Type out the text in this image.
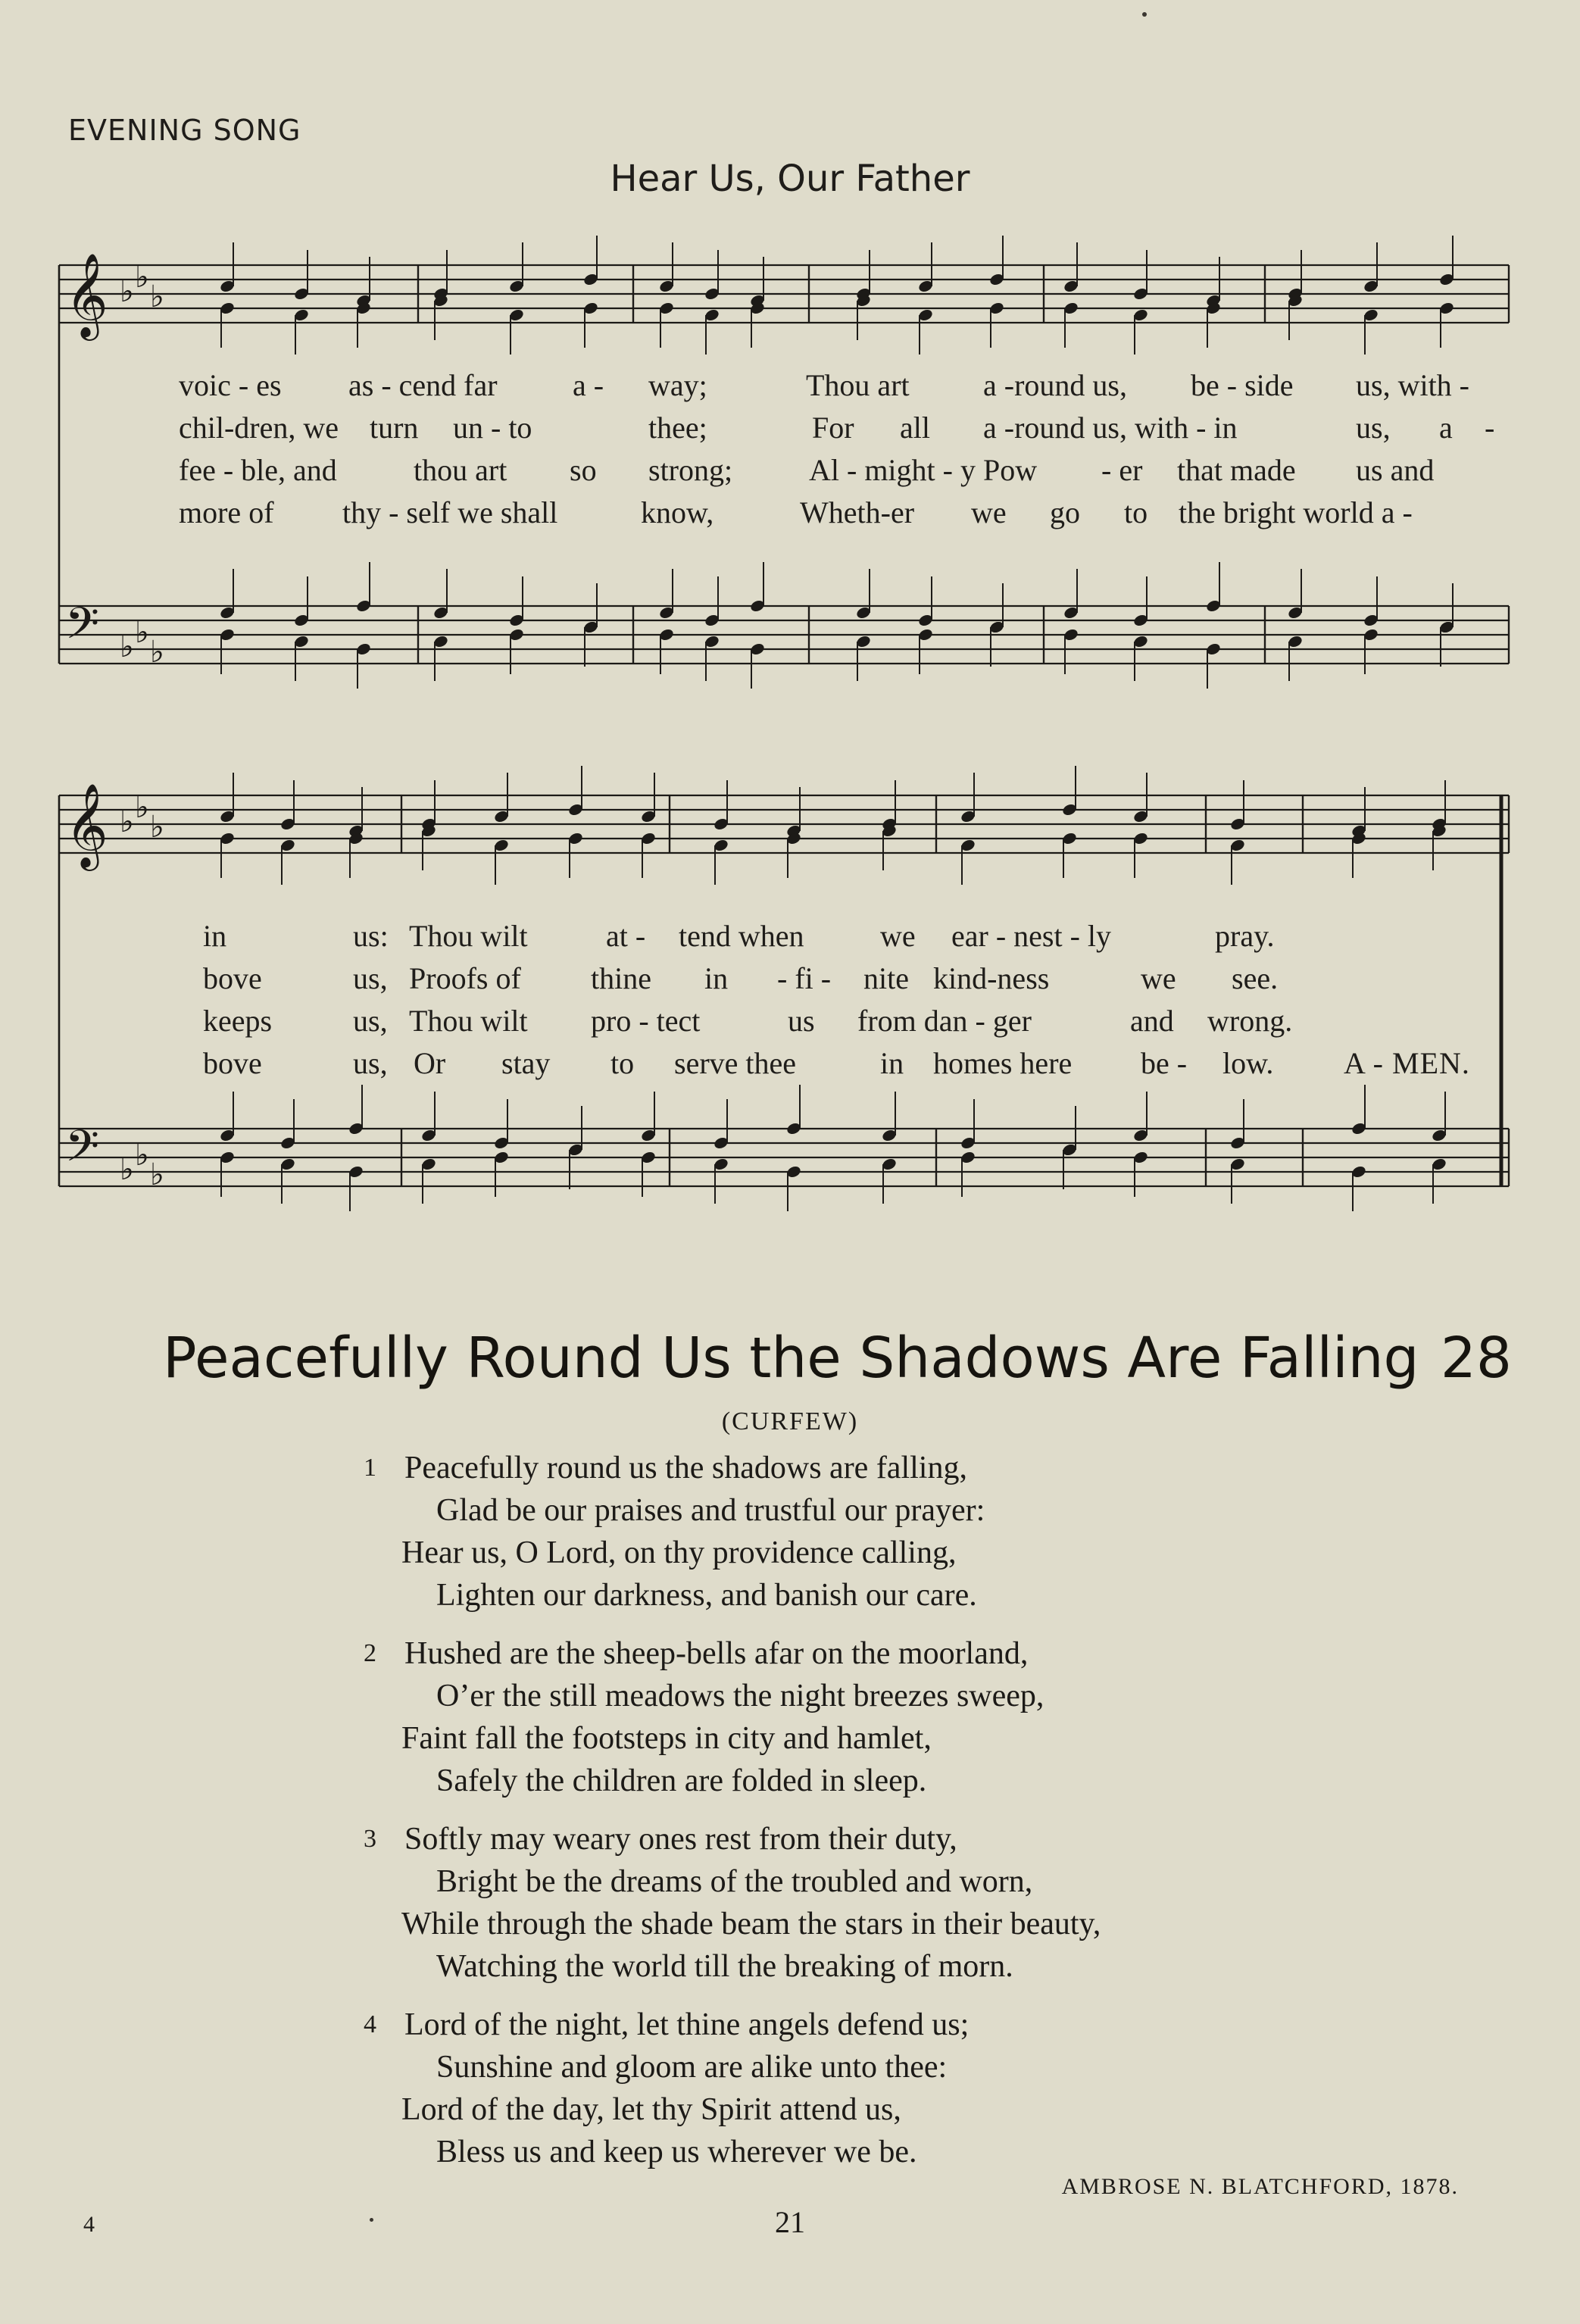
EVENING SONG
Hear Us, Our Father
𝄞 ♭ ♭
♭
𝄢 ♭ ♭
♭
voic - es as - cend far a - way;	Thou art a -round us, be - side us, with -
chil-dren, we turn un - to	thee;	For all a -round us, with - in	us, a -
fee - ble, and	thou art so strong;	Al - might - y Pow - er that made us and
more of thy - self we shall	know,	Wheth-er we go to the bright world a -
𝄞 ♭ ♭
♭
𝄢 ♭ ♭
♭
in	us: Thou wilt	at - tend when	we ear - nest - ly	pray.
bove	us, Proofs of thine in - fi - nite kind-ness	we see.
keeps	us, Thou wilt pro - tect	us from dan - ger	and wrong.
bove	us, Or stay to serve thee	in homes here be - low. A - MEN.
Peacefully Round Us the Shadows Are Falling 28
(CURFEW)
1 Peacefully round us the shadows are falling,
Glad be our praises and trustful our prayer:
Hear us, O Lord, on thy providence calling,
Lighten our darkness, and banish our care.
2 Hushed are the sheep-bells afar on the moorland,
O’er the still meadows the night breezes sweep,
Faint fall the footsteps in city and hamlet,
Safely the children are folded in sleep.
3 Softly may weary ones rest from their duty,
Bright be the dreams of the troubled and worn,
While through the shade beam the stars in their beauty,
Watching the world till the breaking of morn.
4 Lord of the night, let thine angels defend us;
Sunshine and gloom are alike unto thee:
Lord of the day, let thy Spirit attend us,
Bless us and keep us wherever we be.
AMBROSE N. BLATCHFORD, 1878.
4	21
